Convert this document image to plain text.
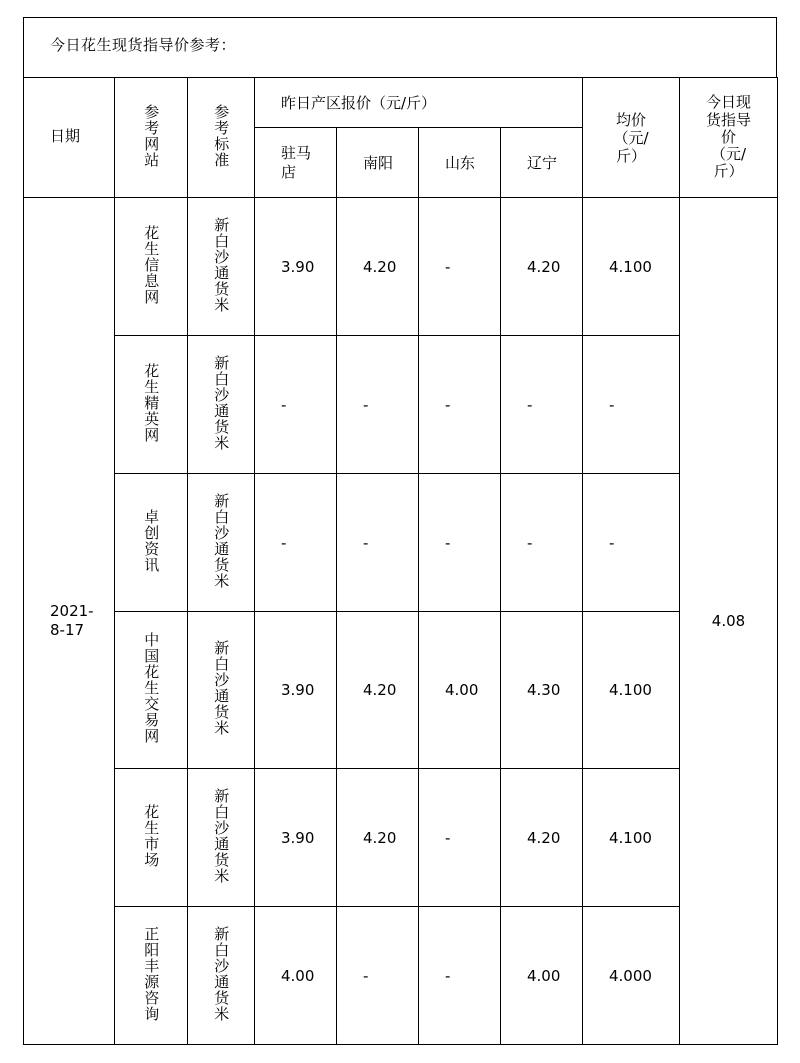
今日花生现货指导价参考：
日期	参考网站	参考标准	昨日产区报价（元/斤）				均价（元/斤）	今日现货指导价（元/斤）
			驻马店	南阳	山东	辽宁		
2021-8-17	花生信息网	新白沙通货米	3.90	4.20	-	4.20	4.100	4.08
	花生精英网	新白沙通货米	-	-	-	-	-	
	卓创资讯	新白沙通货米	-	-	-	-	-	
	中国花生交易网	新白沙通货米	3.90	4.20	4.00	4.30	4.100	
	花生市场	新白沙通货米	3.90	4.20	-	4.20	4.100	
	正阳丰源咨询	新白沙通货米	4.00	-	-	4.00	4.000	
